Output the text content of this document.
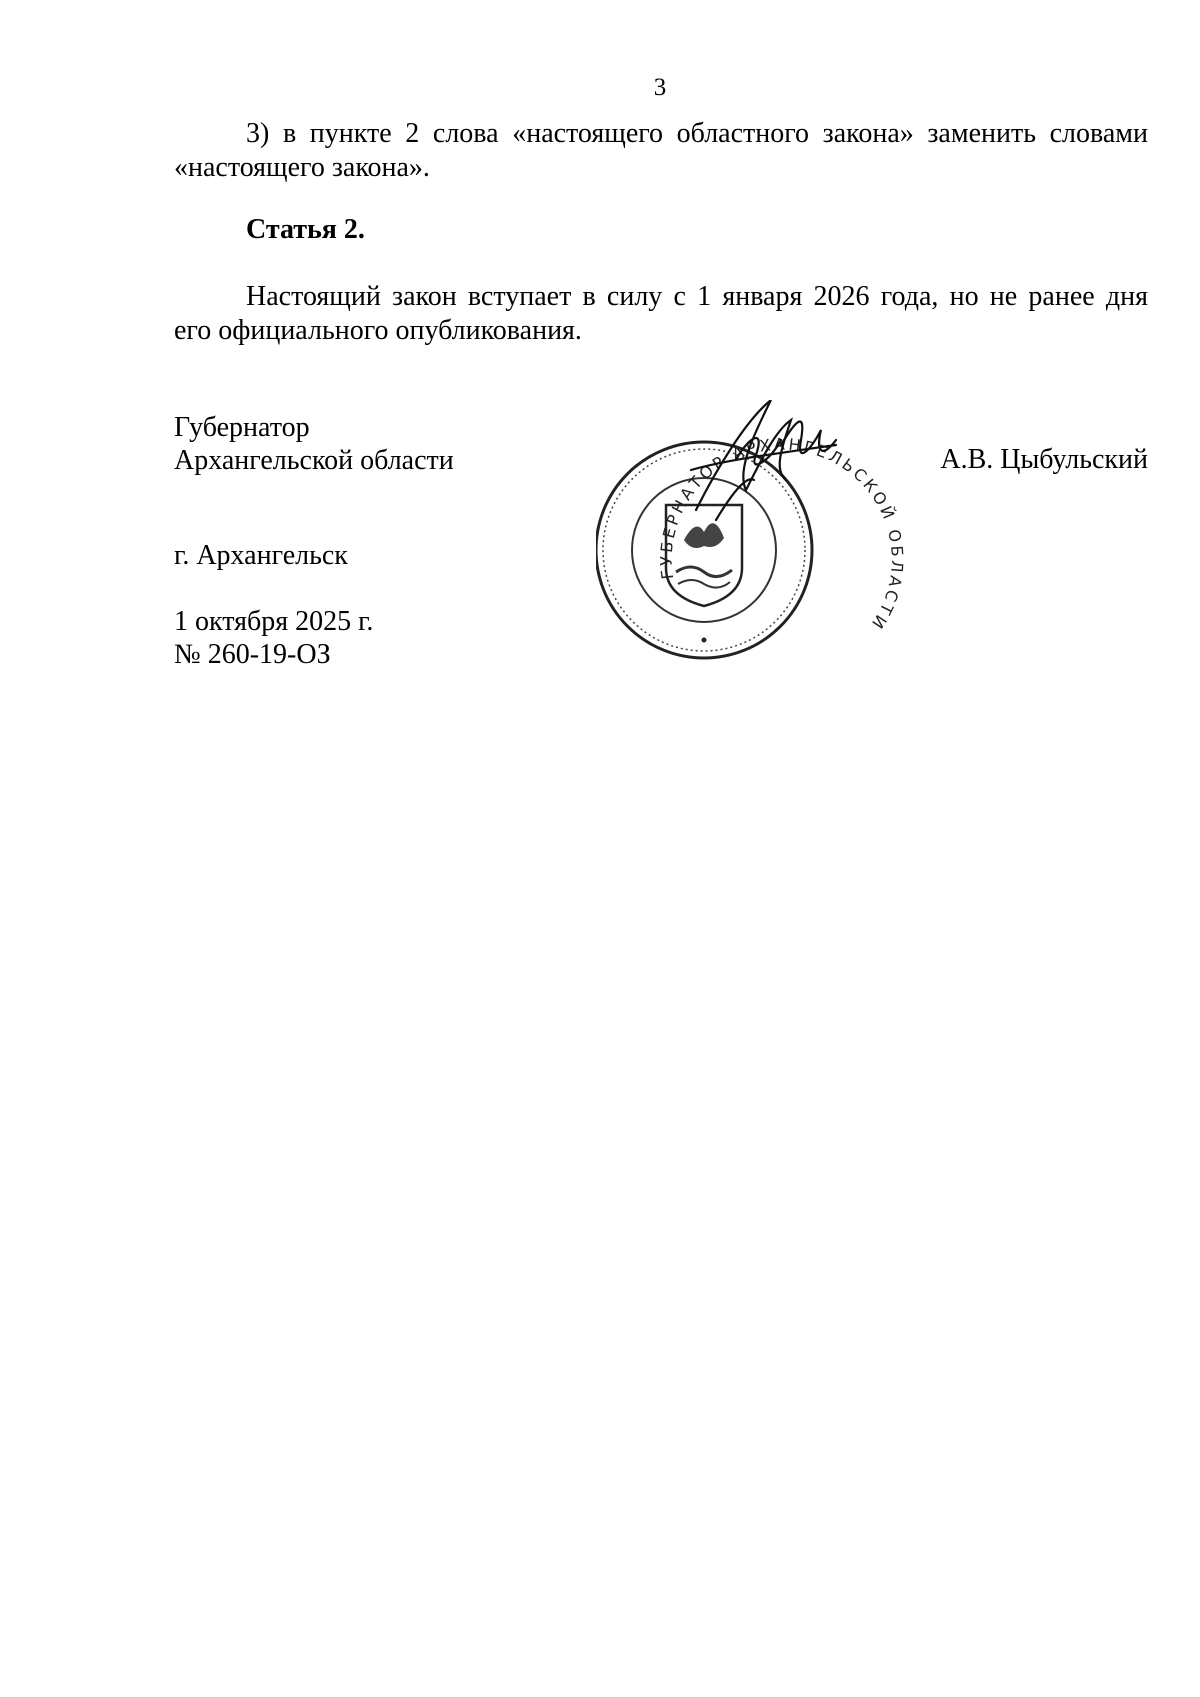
3
3) в пункте 2 слова «настоящего областного закона» заменить словами
«настоящего закона».
Статья 2.
Настоящий закон вступает в силу с 1 января 2026 года, но не ранее дня
его официального опубликования.
Губернатор
Архангельской области	А.В. Цыбульский
ГУБЕРНАТОР АРХАНГЕЛЬСКОЙ ОБЛАСТИ
г. Архангельск
1 октября 2025 г.
№ 260-19-ОЗ
